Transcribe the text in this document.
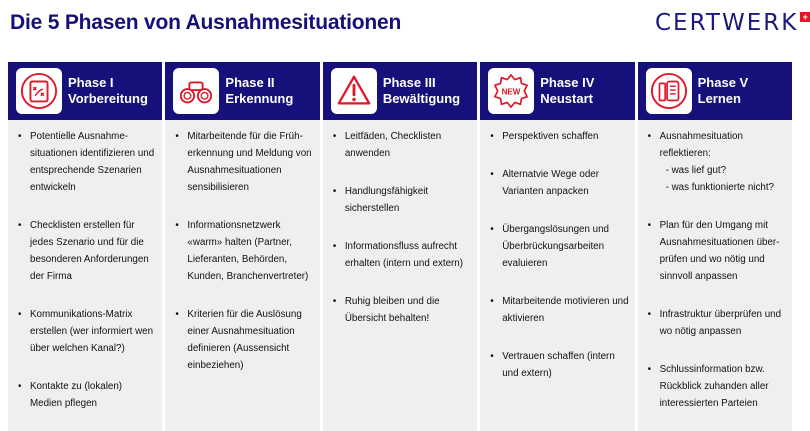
Die 5 Phasen von Ausnahmesituationen	CERTWERK +
Phase I
Vorbereitung
• Potentielle Ausnahme-situationen identifizieren und entsprechende Szenarien entwickeln
• Checklisten erstellen für jedes Szenario und für die besonderen Anforderungen der Firma
• Kommunikations-Matrix erstellen (wer informiert wen über welchen Kanal?)
• Kontakte zu (lokalen) Medien pflegen
Phase II
Erkennung
• Mitarbeitende für die Früh-erkennung und Meldung von Ausnahmesituationen sensibilisieren
• Informationsnetzwerk «warm» halten (Partner, Lieferanten, Behörden, Kunden, Branchenvertreter)
• Kriterien für die Auslösung einer Ausnahmesituation definieren (Aussensicht einbeziehen)
Phase III
Bewältigung
• Leitfäden, Checklisten anwenden
• Handlungsfähigkeit sicherstellen
• Informationsfluss aufrecht erhalten (intern und extern)
• Ruhig bleiben und die Übersicht behalten!
NEW
Phase IV
Neustart
• Perspektiven schaffen
• Alternatvie Wege oder Varianten anpacken
• Übergangslösungen und Überbrückungsarbeiten evaluieren
• Mitarbeitende motivieren und aktivieren
• Vertrauen schaffen (intern und extern)
Phase V
Lernen
• Ausnahmesituation reflektieren:
- was lief gut?
- was funktionierte nicht?
• Plan für den Umgang mit Ausnahmesituationen über-prüfen und wo nötig und sinnvoll anpassen
• Infrastruktur überprüfen und wo nötig anpassen
• Schlussinformation bzw. Rückblick zuhanden aller interessierten Parteien
